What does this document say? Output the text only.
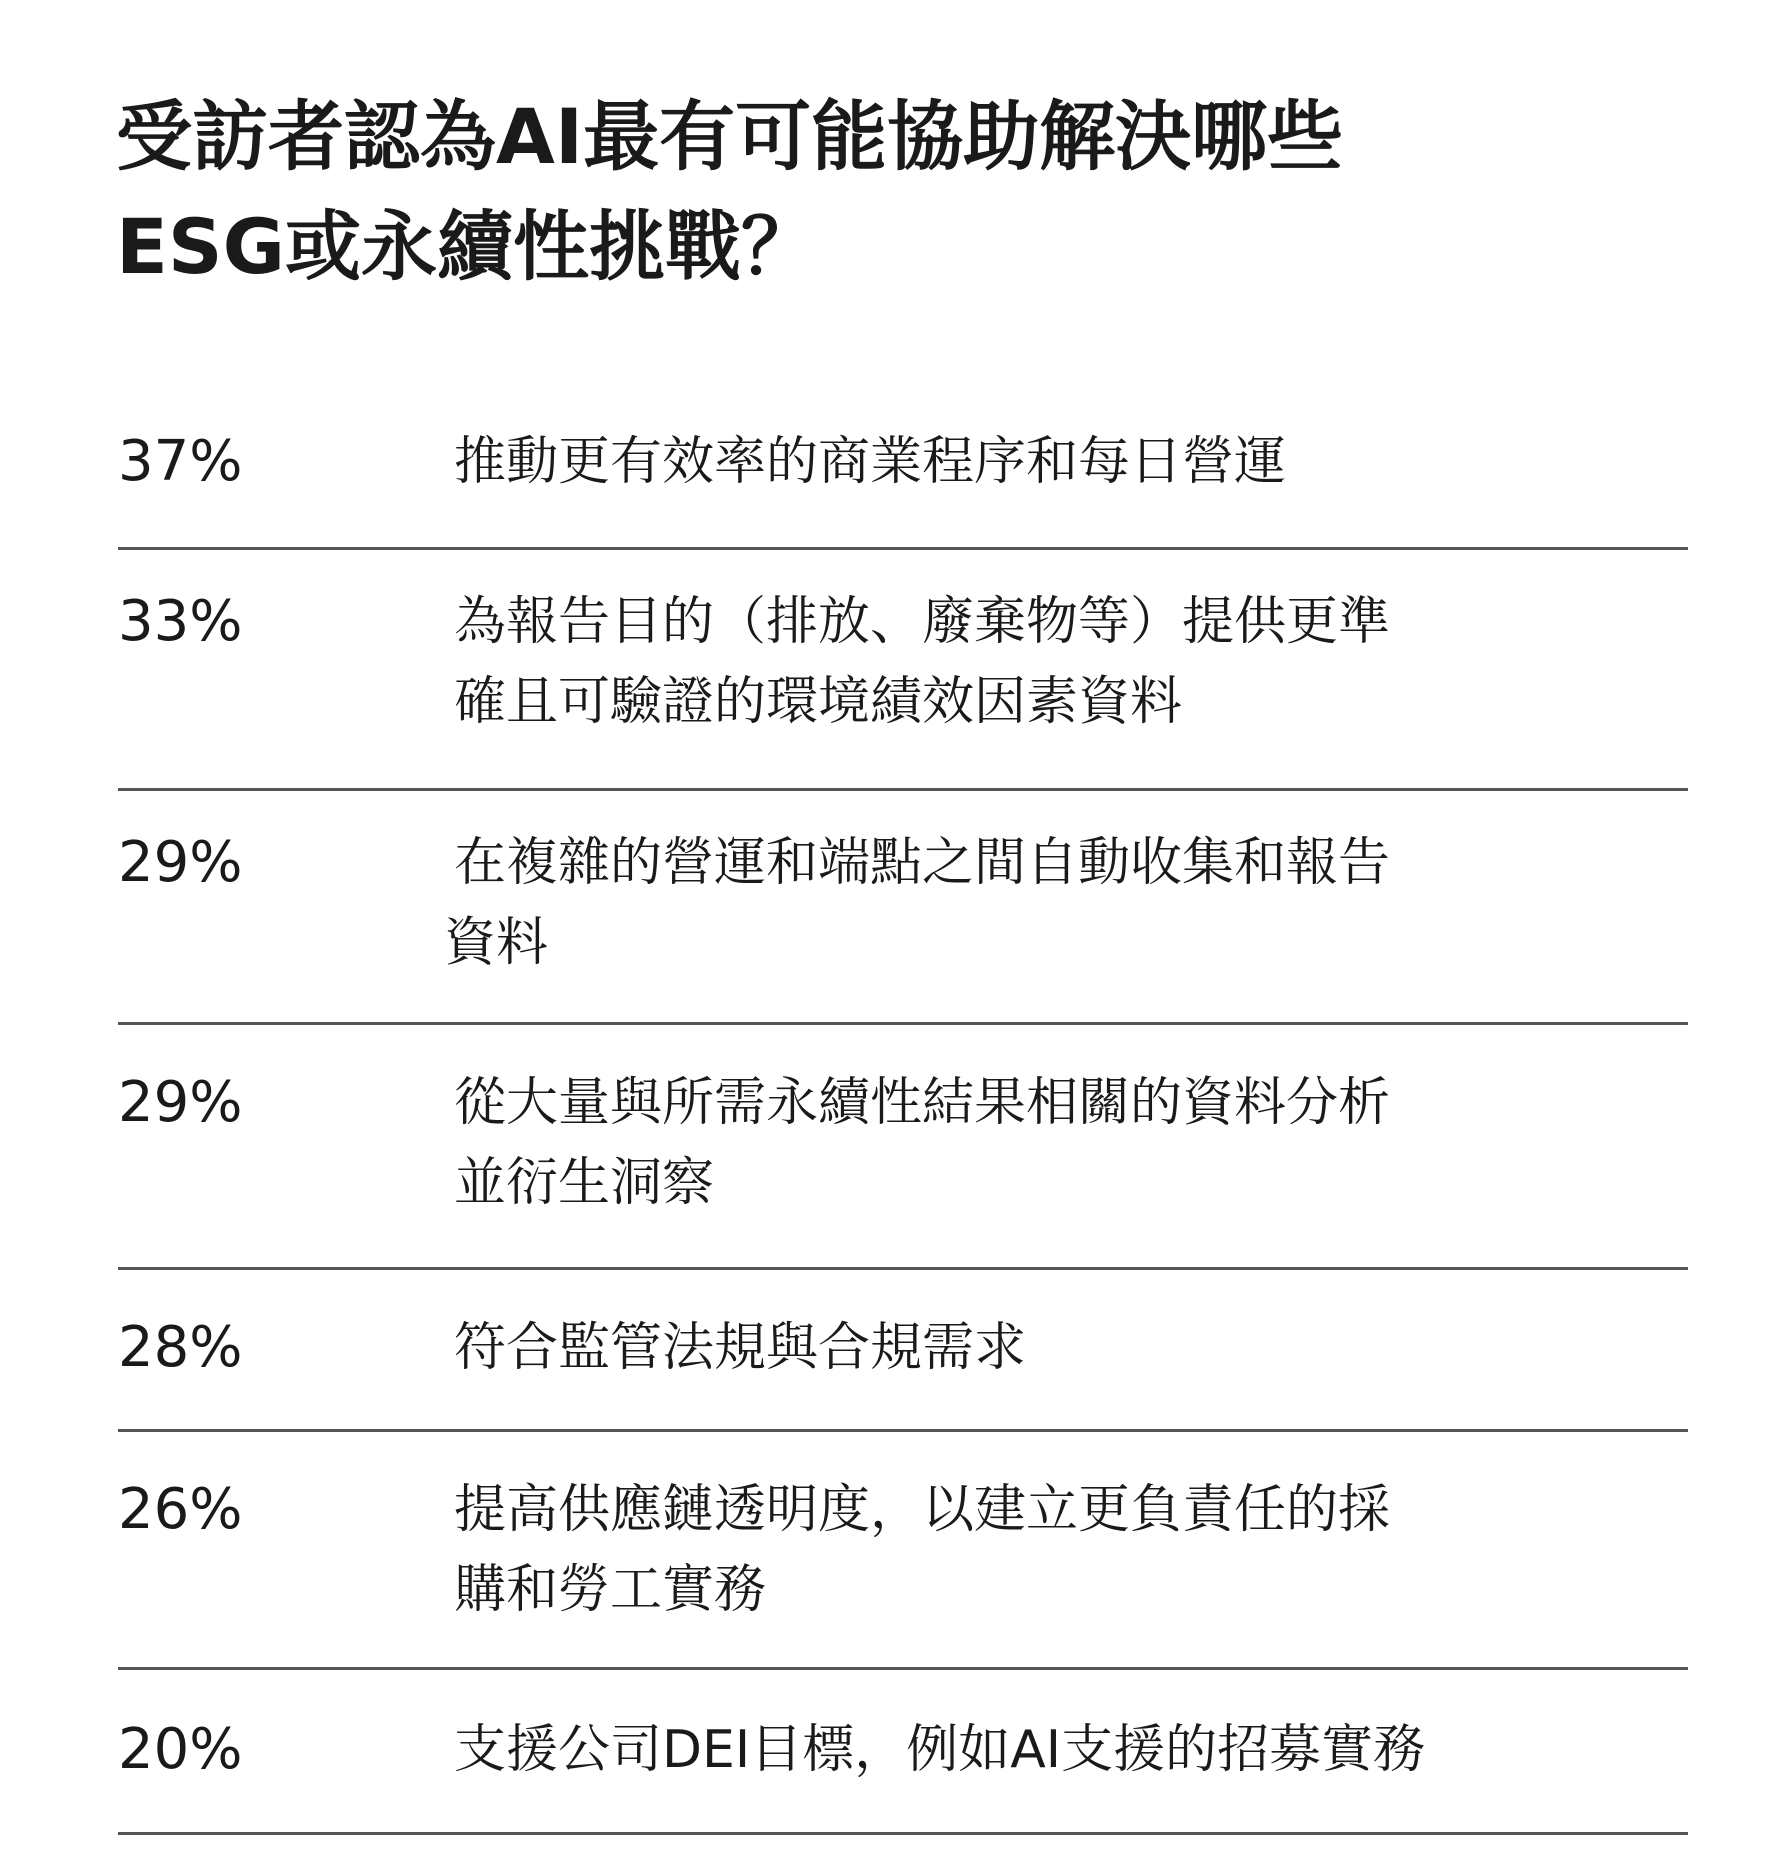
受訪者認為AI最有可能協助解決哪些
ESG或永續性挑戰？
37%	推動更有效率的商業程序和每日營運
33%	為報告目的（排放、廢棄物等）提供更準
確且可驗證的環境績效因素資料
29%	在複雜的營運和端點之間自動收集和報告
資料
29%	從大量與所需永續性結果相關的資料分析
並衍生洞察
28%	符合監管法規與合規需求
26%	提高供應鏈透明度，以建立更負責任的採
購和勞工實務
20%	支援公司DEI目標，例如AI支援的招募實務
